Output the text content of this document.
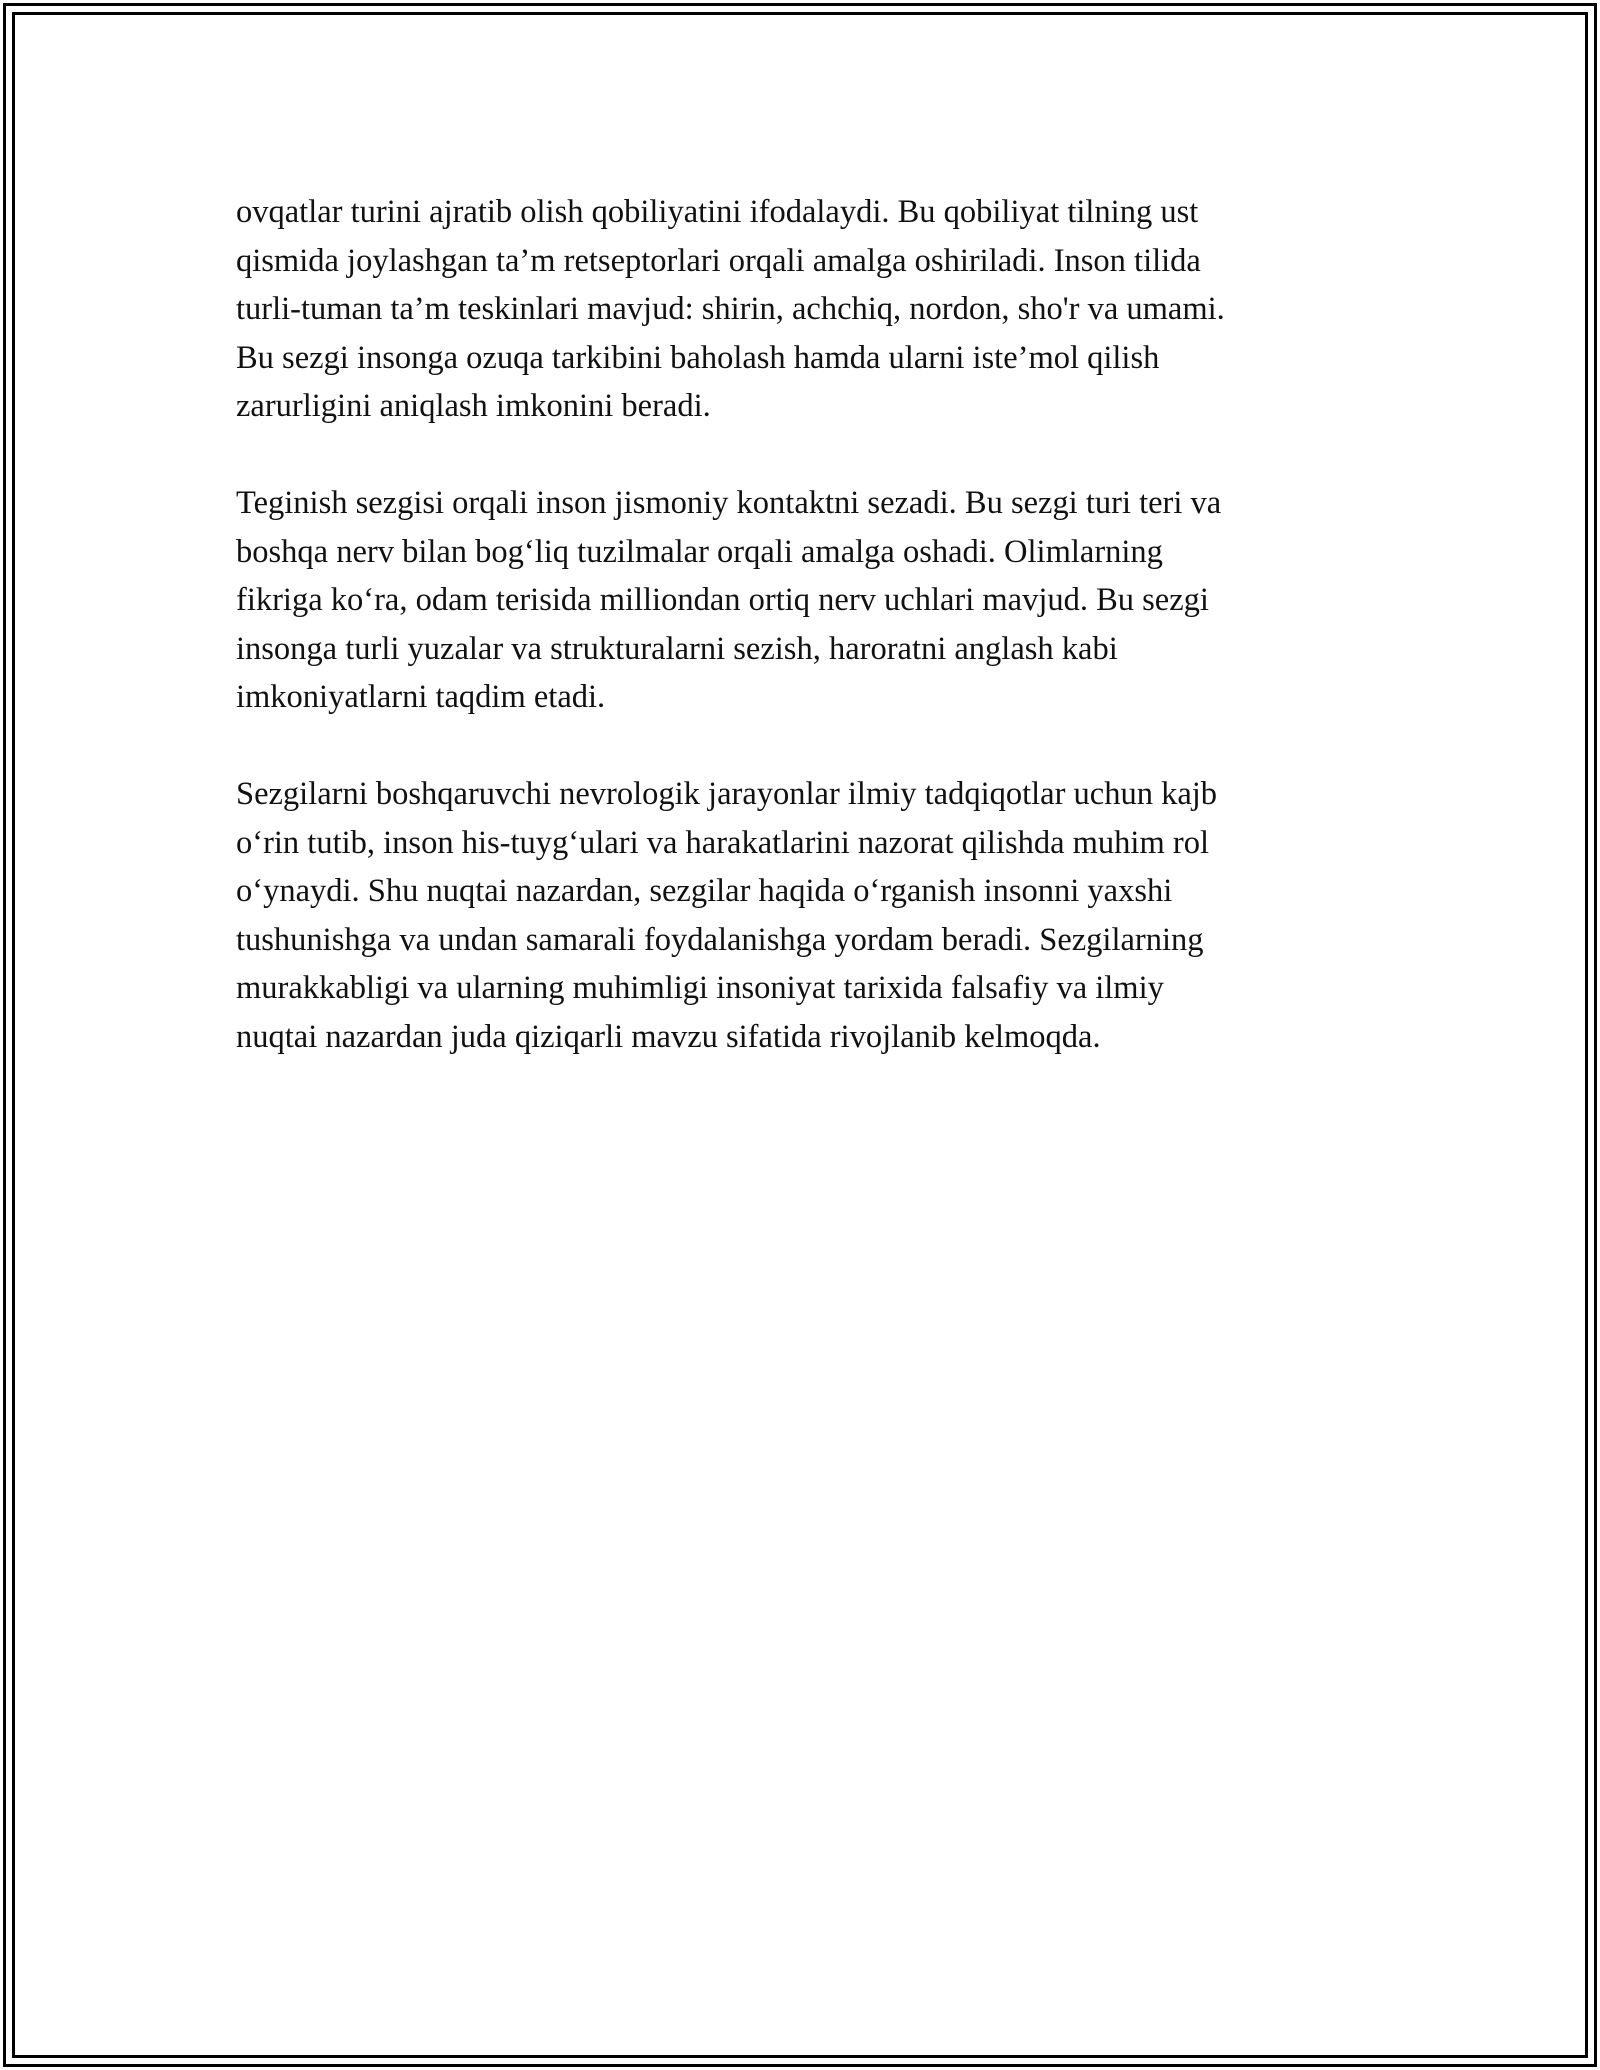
ovqatlar turini ajratib olish qobiliyatini ifodalaydi. Bu qobiliyat tilning ust
qismida joylashgan ta’m retseptorlari orqali amalga oshiriladi. Inson tilida
turli-tuman ta’m teskinlari mavjud: shirin, achchiq, nordon, sho'r va umami.
Bu sezgi insonga ozuqa tarkibini baholash hamda ularni iste’mol qilish
zarurligini aniqlash imkonini beradi.

Teginish sezgisi orqali inson jismoniy kontaktni sezadi. Bu sezgi turi teri va
boshqa nerv bilan bog‘liq tuzilmalar orqali amalga oshadi. Olimlarning
fikriga ko‘ra, odam terisida milliondan ortiq nerv uchlari mavjud. Bu sezgi
insonga turli yuzalar va strukturalarni sezish, haroratni anglash kabi
imkoniyatlarni taqdim etadi.

Sezgilarni boshqaruvchi nevrologik jarayonlar ilmiy tadqiqotlar uchun kajb
o‘rin tutib, inson his-tuyg‘ulari va harakatlarini nazorat qilishda muhim rol
o‘ynaydi. Shu nuqtai nazardan, sezgilar haqida o‘rganish insonni yaxshi
tushunishga va undan samarali foydalanishga yordam beradi. Sezgilarning
murakkabligi va ularning muhimligi insoniyat tarixida falsafiy va ilmiy
nuqtai nazardan juda qiziqarli mavzu sifatida rivojlanib kelmoqda.
